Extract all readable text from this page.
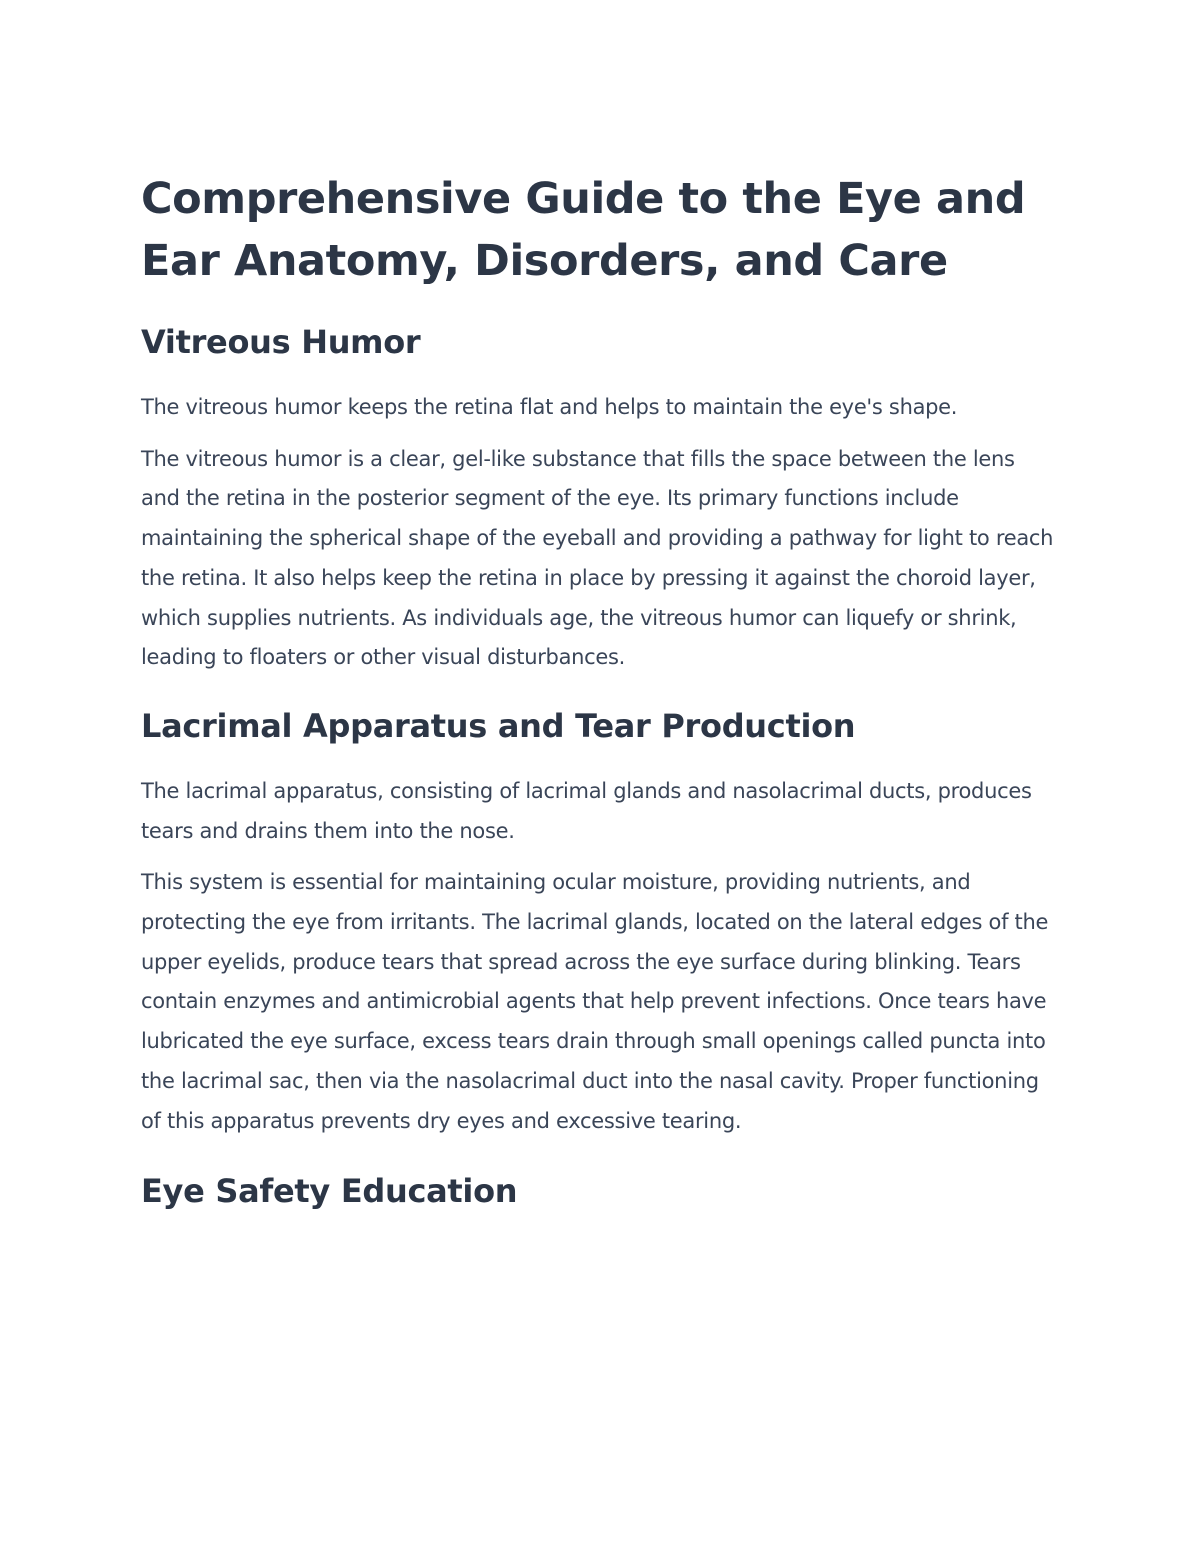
Comprehensive Guide to the Eye and Ear Anatomy, Disorders, and Care
Vitreous Humor

The vitreous humor keeps the retina flat and helps to maintain the eye's shape.

The vitreous humor is a clear, gel-like substance that fills the space between the lens and the retina in the posterior segment of the eye. Its primary functions include maintaining the spherical shape of the eyeball and providing a pathway for light to reach the retina. It also helps keep the retina in place by pressing it against the choroid layer, which supplies nutrients. As individuals age, the vitreous humor can liquefy or shrink, leading to floaters or other visual disturbances.

Lacrimal Apparatus and Tear Production

The lacrimal apparatus, consisting of lacrimal glands and nasolacrimal ducts, produces tears and drains them into the nose.

This system is essential for maintaining ocular moisture, providing nutrients, and protecting the eye from irritants. The lacrimal glands, located on the lateral edges of the upper eyelids, produce tears that spread across the eye surface during blinking. Tears contain enzymes and antimicrobial agents that help prevent infections. Once tears have lubricated the eye surface, excess tears drain through small openings called puncta into the lacrimal sac, then via the nasolacrimal duct into the nasal cavity. Proper functioning of this apparatus prevents dry eyes and excessive tearing.

Eye Safety Education
